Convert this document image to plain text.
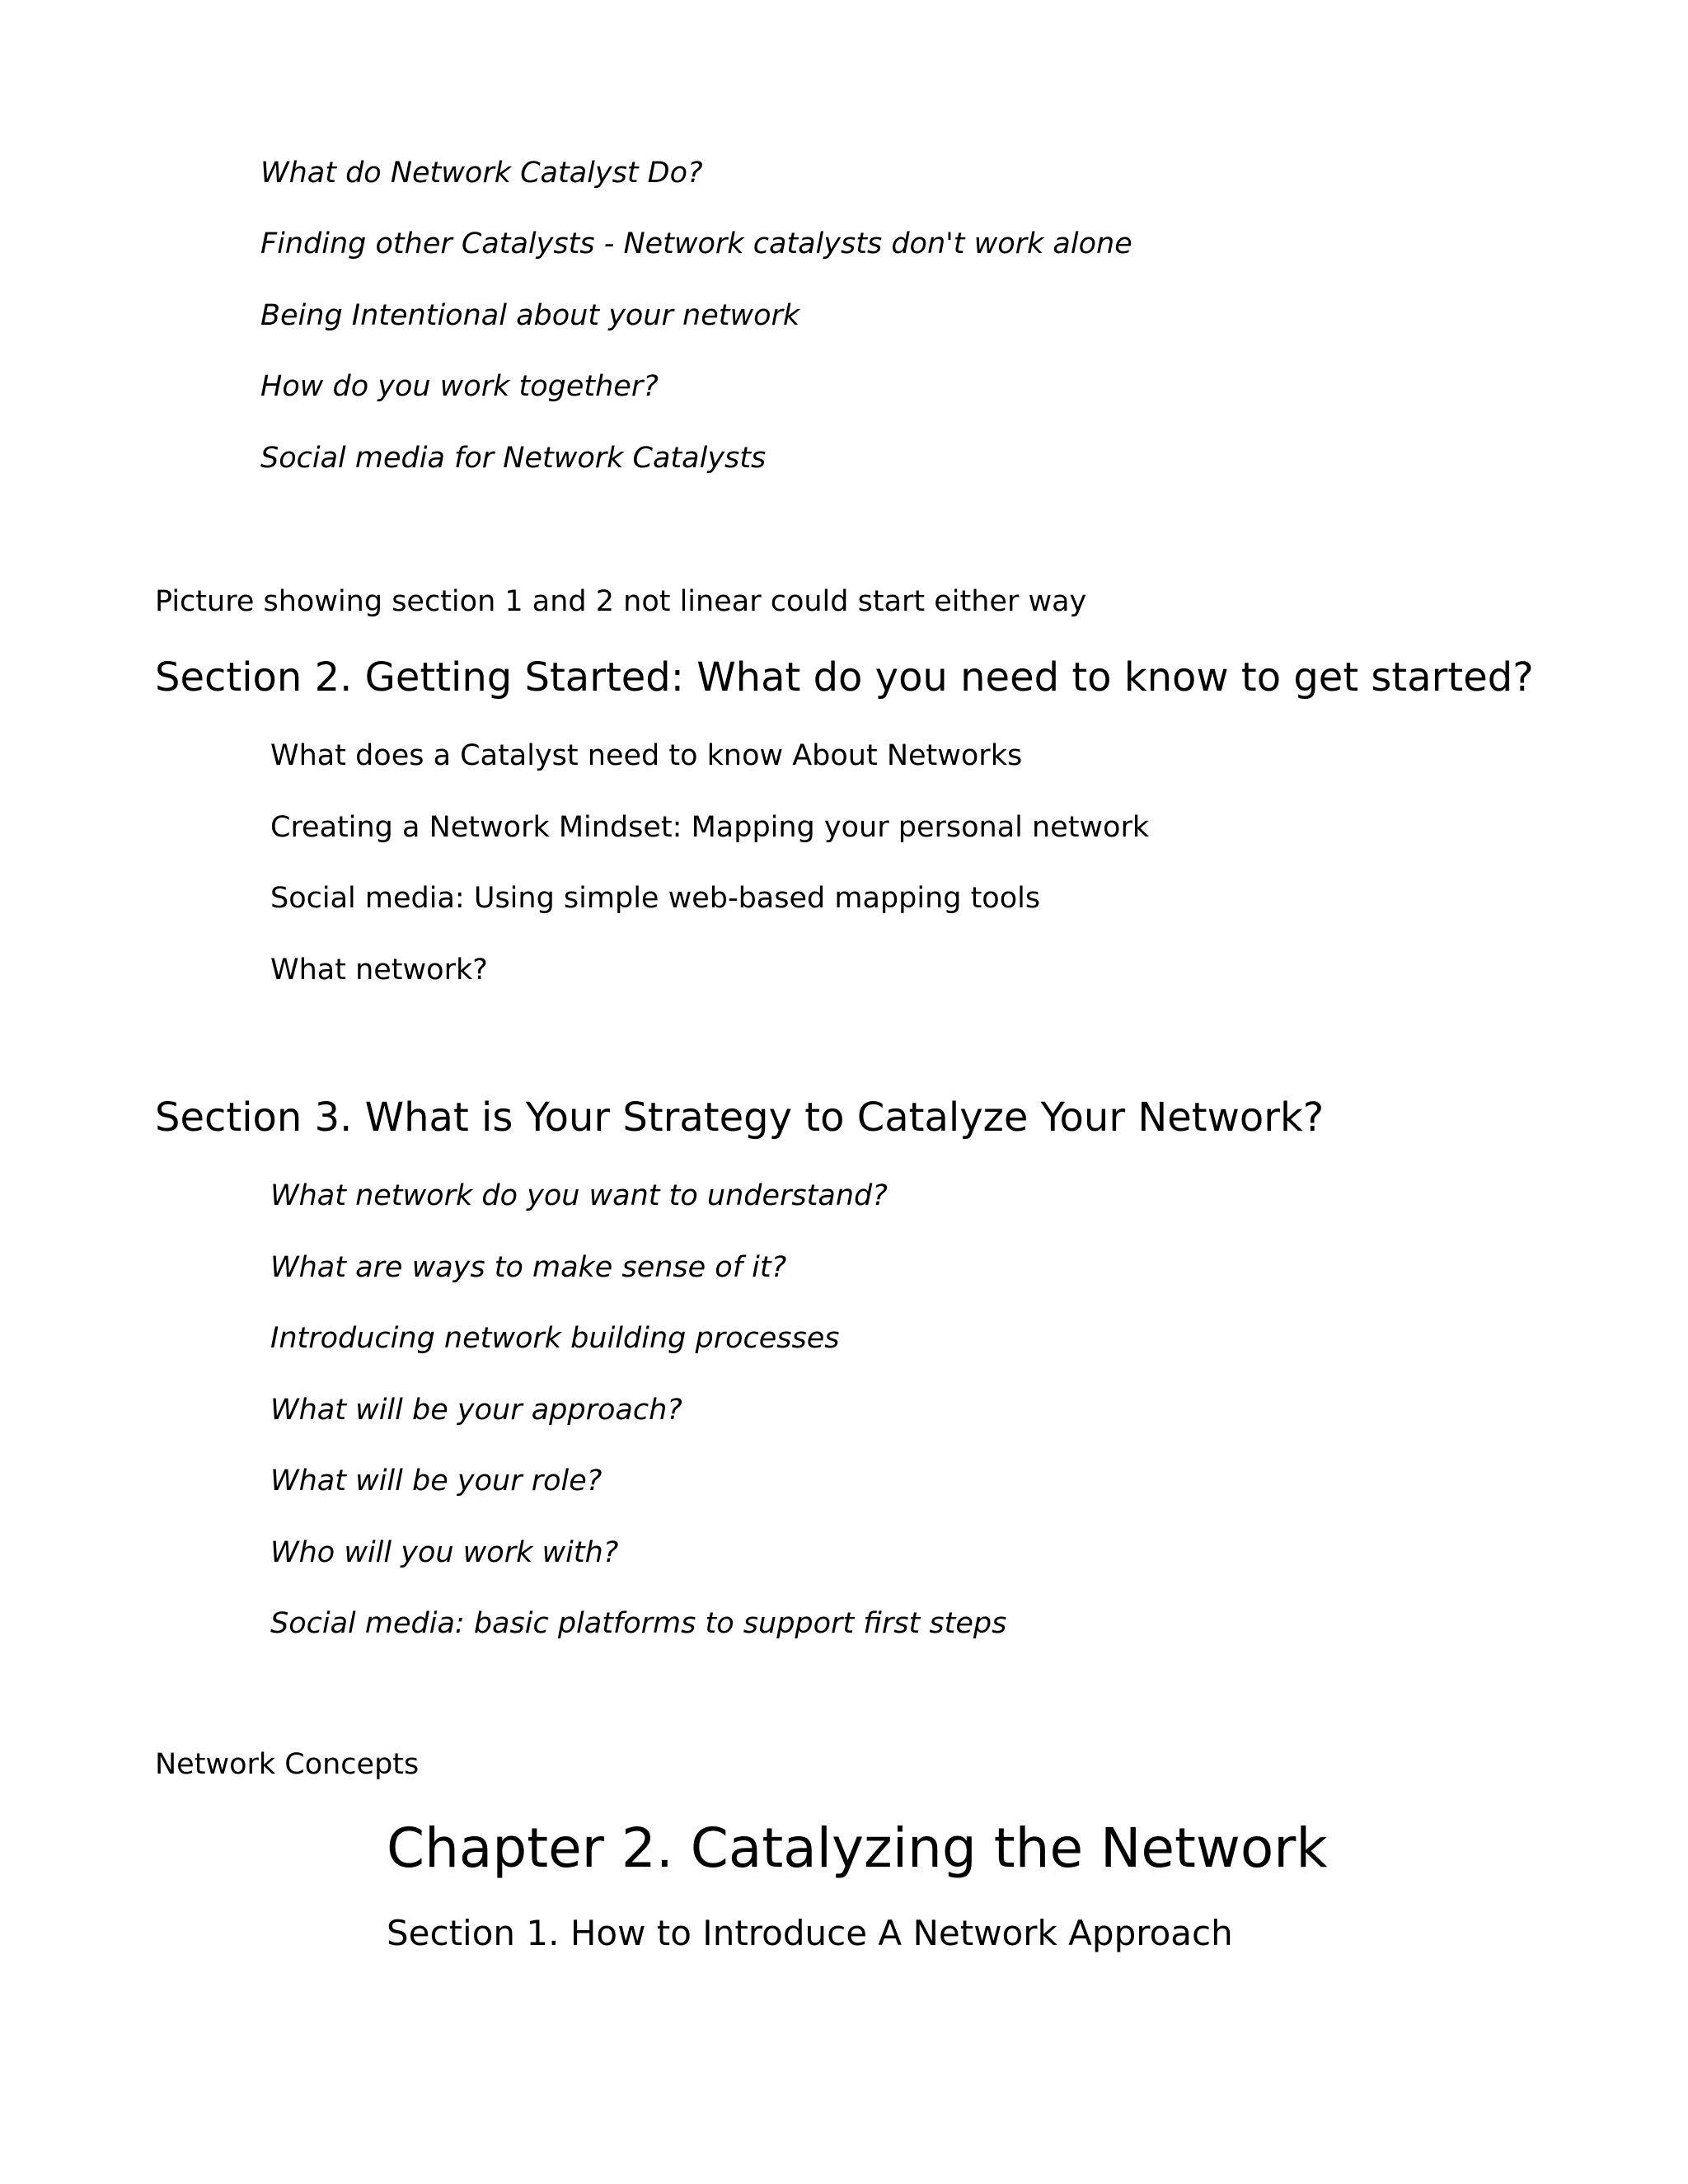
What do Network Catalyst Do?
Finding other Catalysts - Network catalysts don't work alone
Being Intentional about your network
How do you work together?
Social media for Network Catalysts
Picture showing section 1 and 2 not linear could start either way
Section 2. Getting Started: What do you need to know to get started?
What does a Catalyst need to know About Networks
Creating a Network Mindset: Mapping your personal network
Social media: Using simple web-based mapping tools
What network?
Section 3. What is Your Strategy to Catalyze Your Network?
What network do you want to understand?
What are ways to make sense of it?
Introducing network building processes
What will be your approach?
What will be your role?
Who will you work with?
Social media: basic platforms to support first steps
Network Concepts
Chapter 2. Catalyzing the Network
Section 1. How to Introduce A Network Approach
